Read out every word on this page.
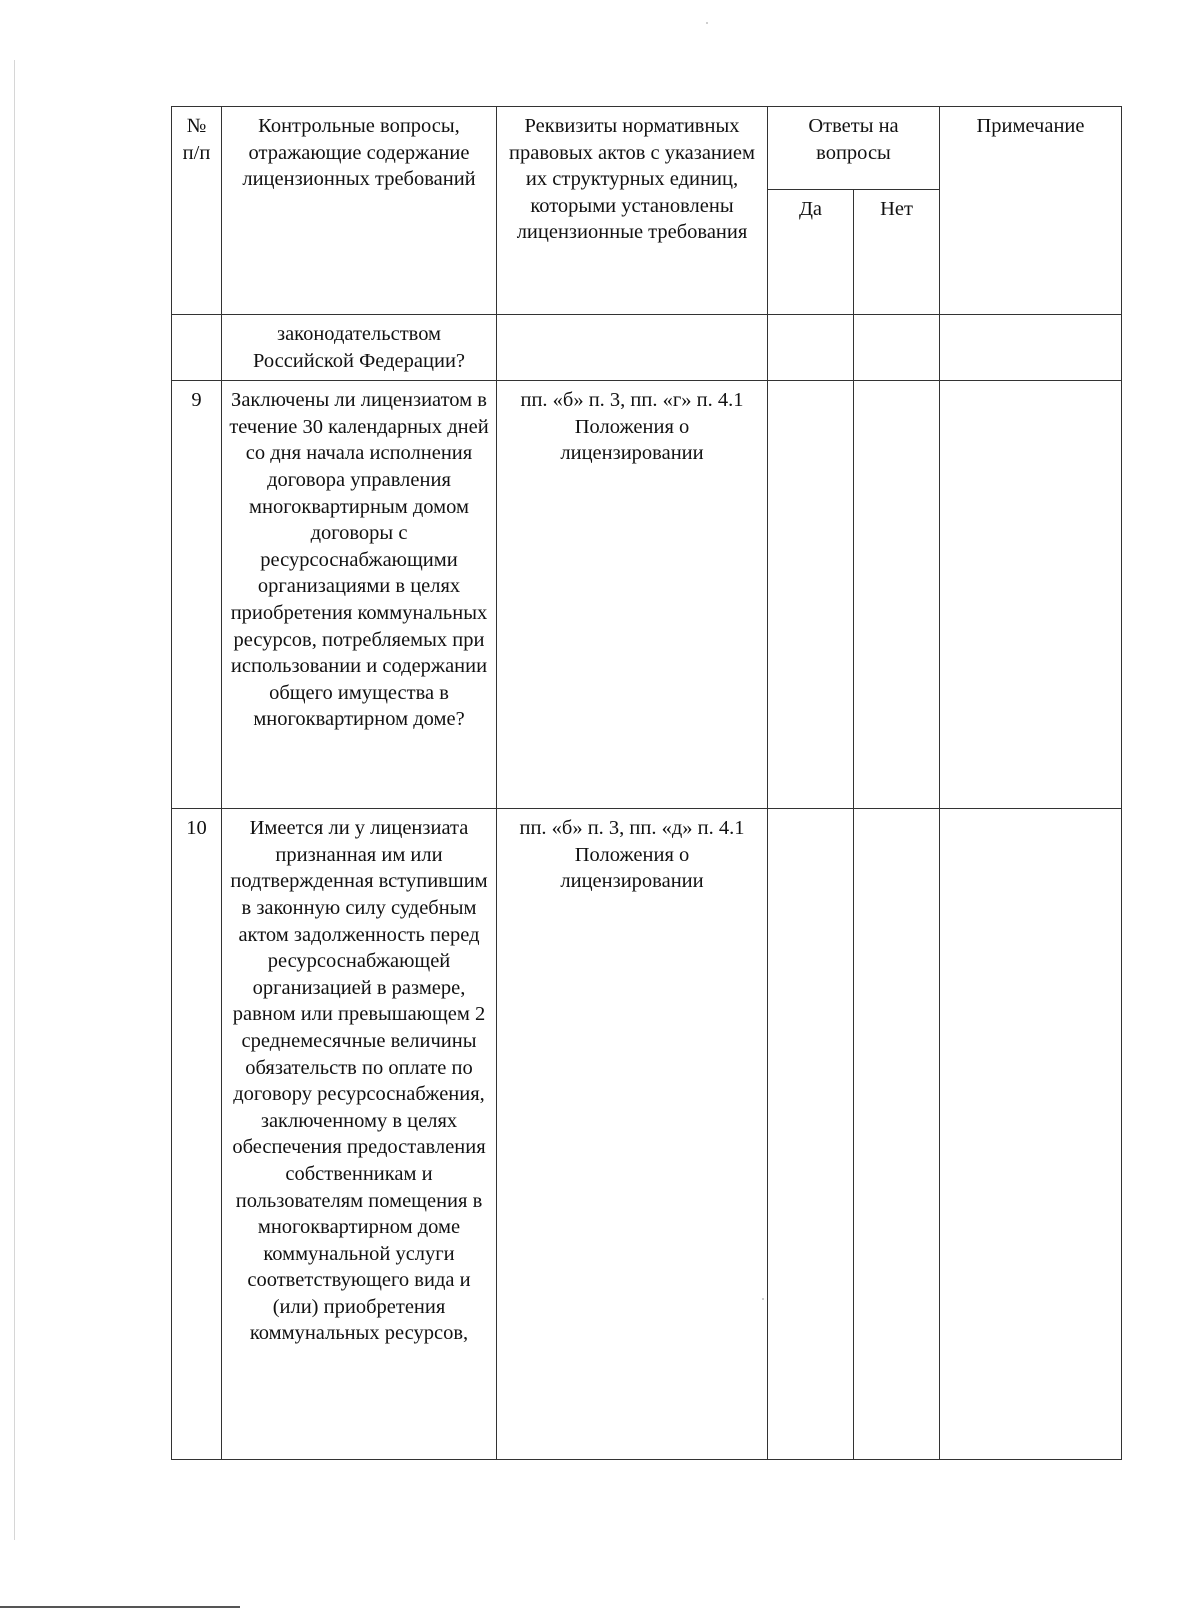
№ п/п	Контрольные вопросы, отражающие содержание лицензионных требований	Реквизиты нормативных правовых актов с указанием их структурных единиц, которыми установлены лицензионные требования	Ответы на вопросы		Примечание
			Да	Нет	
	законодательством Российской Федерации?				
9	Заключены ли лицензиатом в течение 30 календарных дней со дня начала исполнения договора управления многоквартирным домом договоры с ресурсоснабжающими организациями в целях приобретения коммунальных ресурсов, потребляемых при использовании и содержании общего имущества в многоквартирном доме?	пп. «б» п. 3, пп. «г» п. 4.1 Положения о лицензировании			
10	Имеется ли у лицензиата признанная им или подтвержденная вступившим в законную силу судебным актом задолженность перед ресурсоснабжающей организацией в размере, равном или превышающем 2 среднемесячные величины обязательств по оплате по договору ресурсоснабжения, заключенному в целях обеспечения предоставления собственникам и пользователям помещения в многоквартирном доме коммунальной услуги соответствующего вида и (или) приобретения коммунальных ресурсов,	пп. «б» п. 3, пп. «д» п. 4.1 Положения о лицензировании			
